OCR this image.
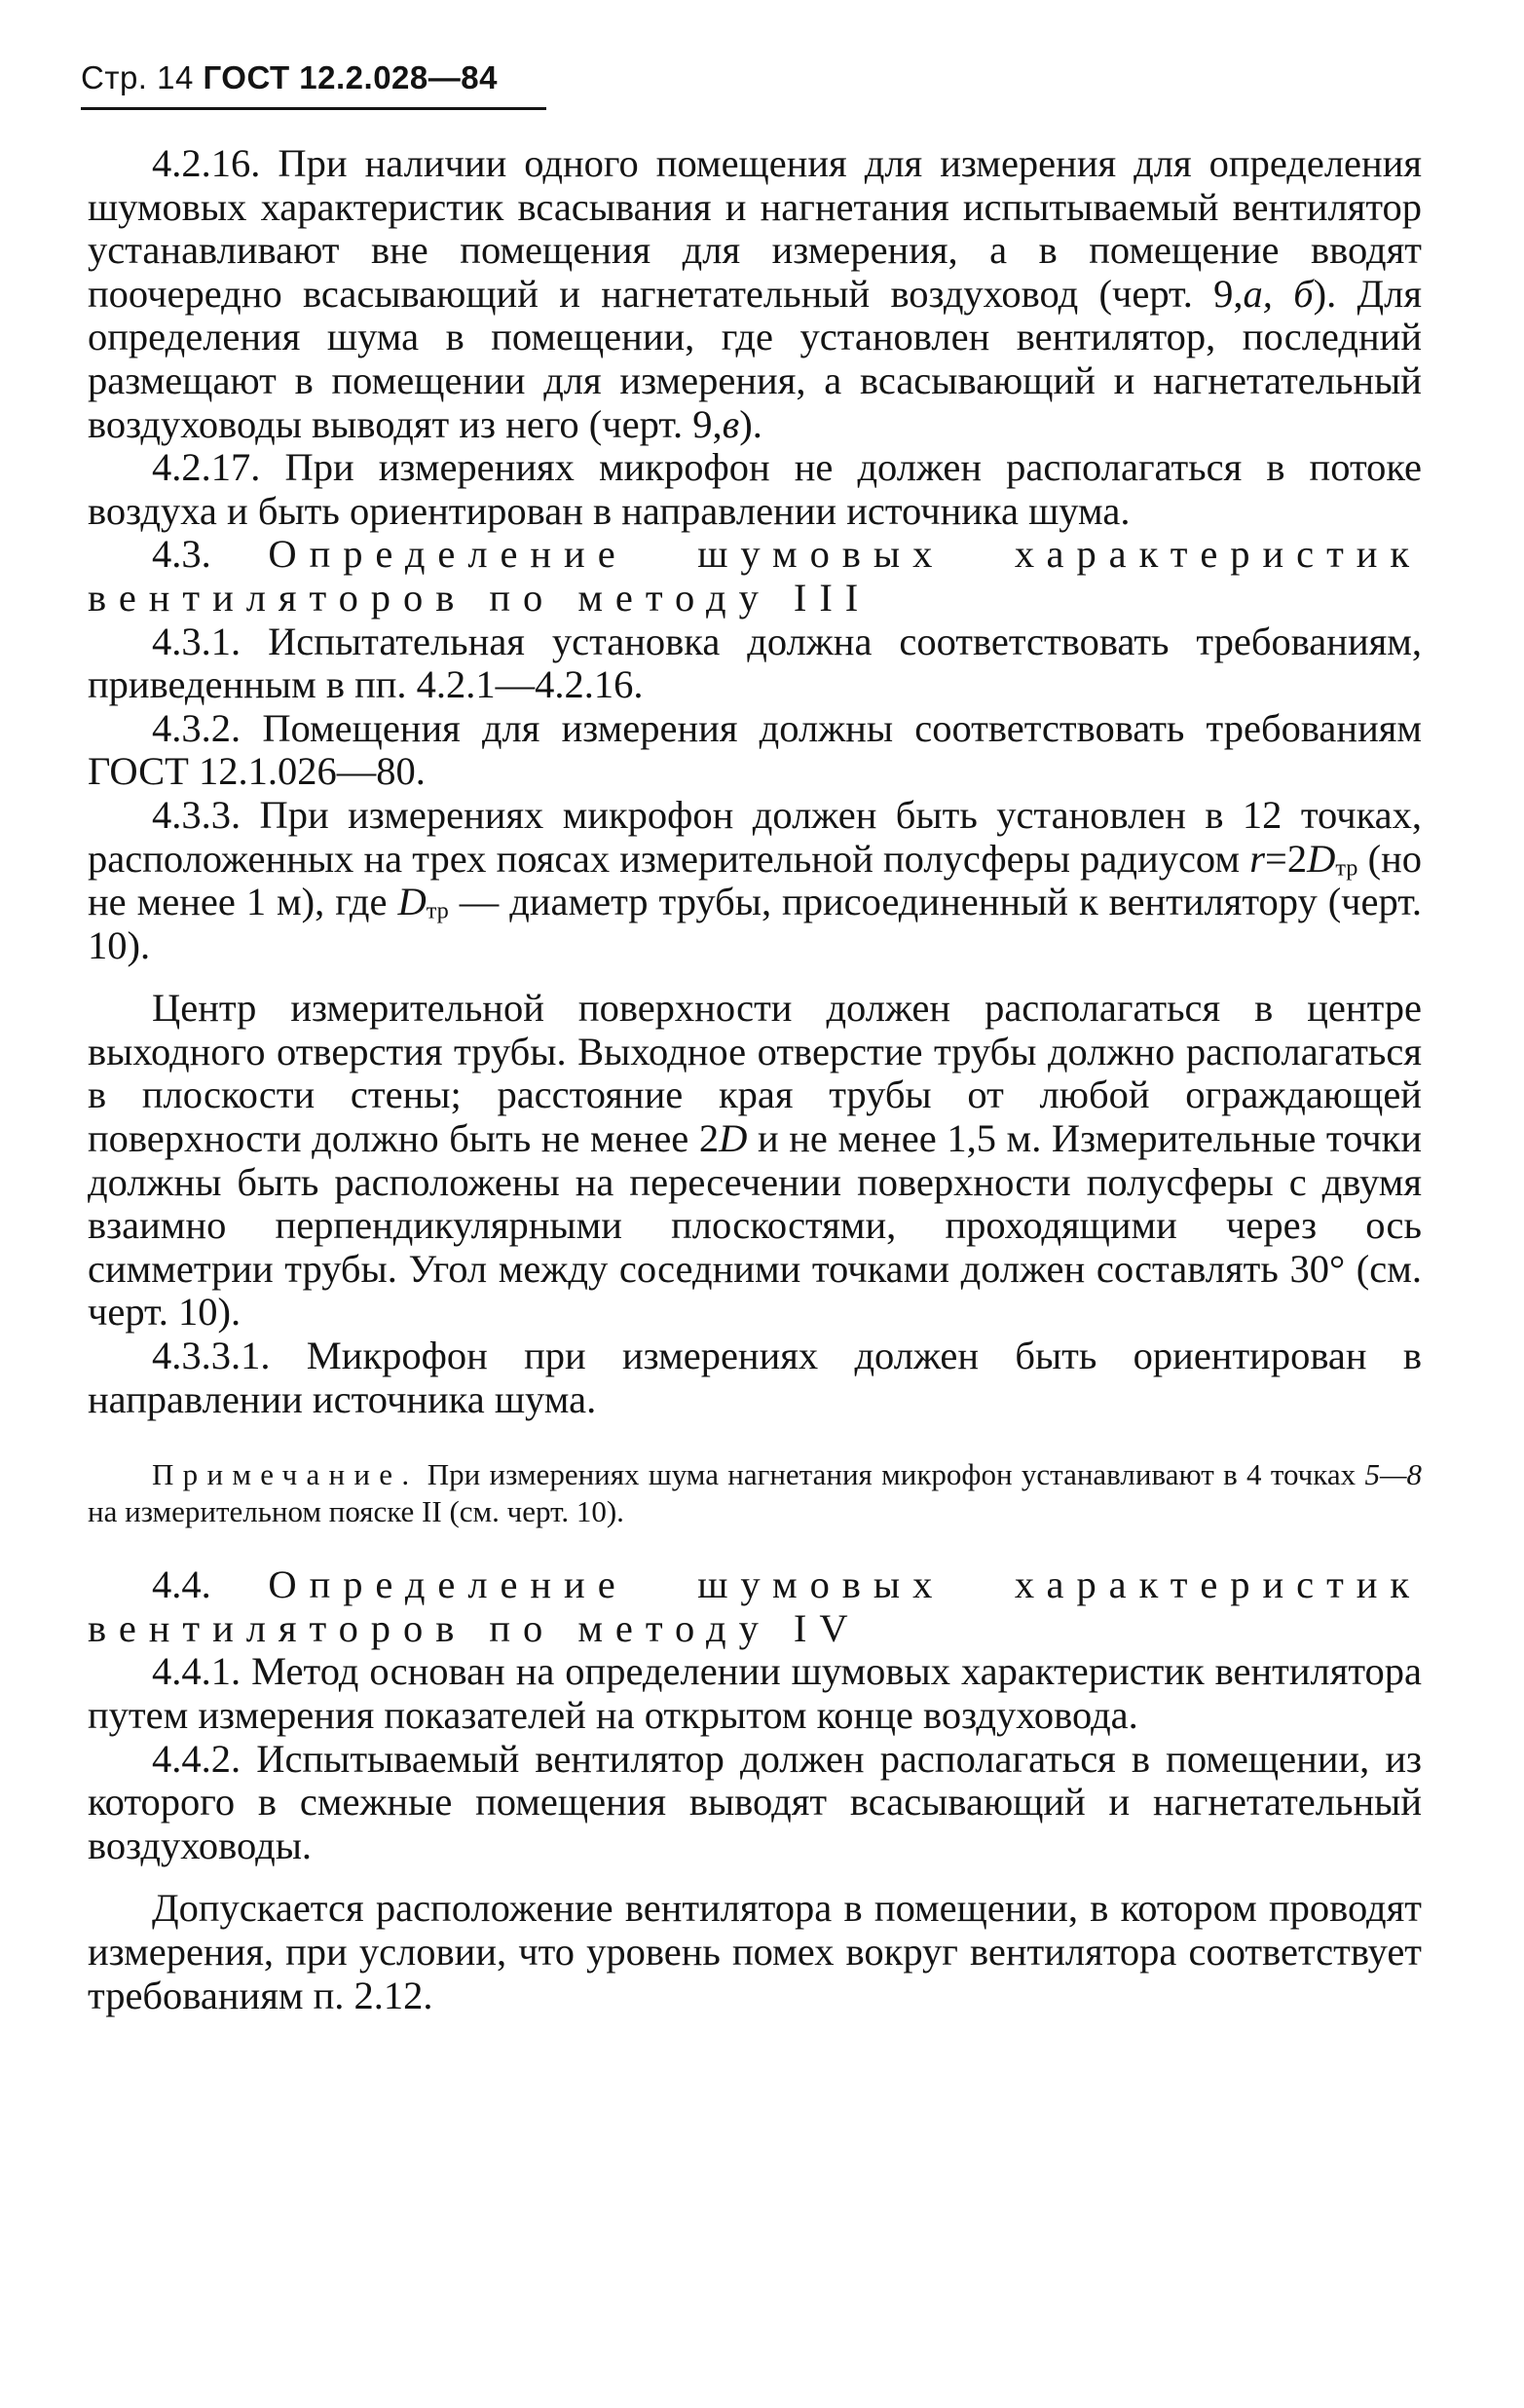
Стр. 14 ГОСТ 12.2.028—84

4.2.16. При наличии одного помещения для измерения для определения шумовых характеристик всасывания и нагнетания испытываемый вентилятор устанавливают вне помещения для измерения, а в помещение вводят поочередно всасывающий и нагнетательный воздуховод (черт. 9,а, б). Для определения шума в помещении, где установлен вентилятор, последний размещают в помещении для измерения, а всасывающий и нагнетательный воздуховоды выводят из него (черт. 9,в).

4.2.17. При измерениях микрофон не должен располагаться в потоке воздуха и быть ориентирован в направлении источника шума.

4.3. Определение шумовых характеристик вентиляторов по методу III

4.3.1. Испытательная установка должна соответствовать требованиям, приведенным в пп. 4.2.1—4.2.16.

4.3.2. Помещения для измерения должны соответствовать требованиям ГОСТ 12.1.026—80.

4.3.3. При измерениях микрофон должен быть установлен в 12 точках, расположенных на трех поясах измерительной полусферы радиусом $r=2D_{тр}$ (но не менее 1 м), где $D_{тр}$ — диаметр трубы, присоединенный к вентилятору (черт. 10).

Центр измерительной поверхности должен располагаться в центре выходного отверстия трубы. Выходное отверстие трубы должно располагаться в плоскости стены; расстояние края трубы от любой ограждающей поверхности должно быть не менее 2D и не менее 1,5 м. Измерительные точки должны быть расположены на пересечении поверхности полусферы с двумя взаимно перпендикулярными плоскостями, проходящими через ось симметрии трубы. Угол между соседними точками должен составлять 30° (см. черт. 10).

4.3.3.1. Микрофон при измерениях должен быть ориентирован в направлении источника шума.

Примечание. При измерениях шума нагнетания микрофон устанавливают в 4 точках 5—8 на измерительном пояске II (см. черт. 10).

4.4. Определение шумовых характеристик вентиляторов по методу IV

4.4.1. Метод основан на определении шумовых характеристик вентилятора путем измерения показателей на открытом конце воздуховода.

4.4.2. Испытываемый вентилятор должен располагаться в помещении, из которого в смежные помещения выводят всасывающий и нагнетательный воздуховоды.

Допускается расположение вентилятора в помещении, в котором проводят измерения, при условии, что уровень помех вокруг вентилятора соответствует требованиям п. 2.12.
